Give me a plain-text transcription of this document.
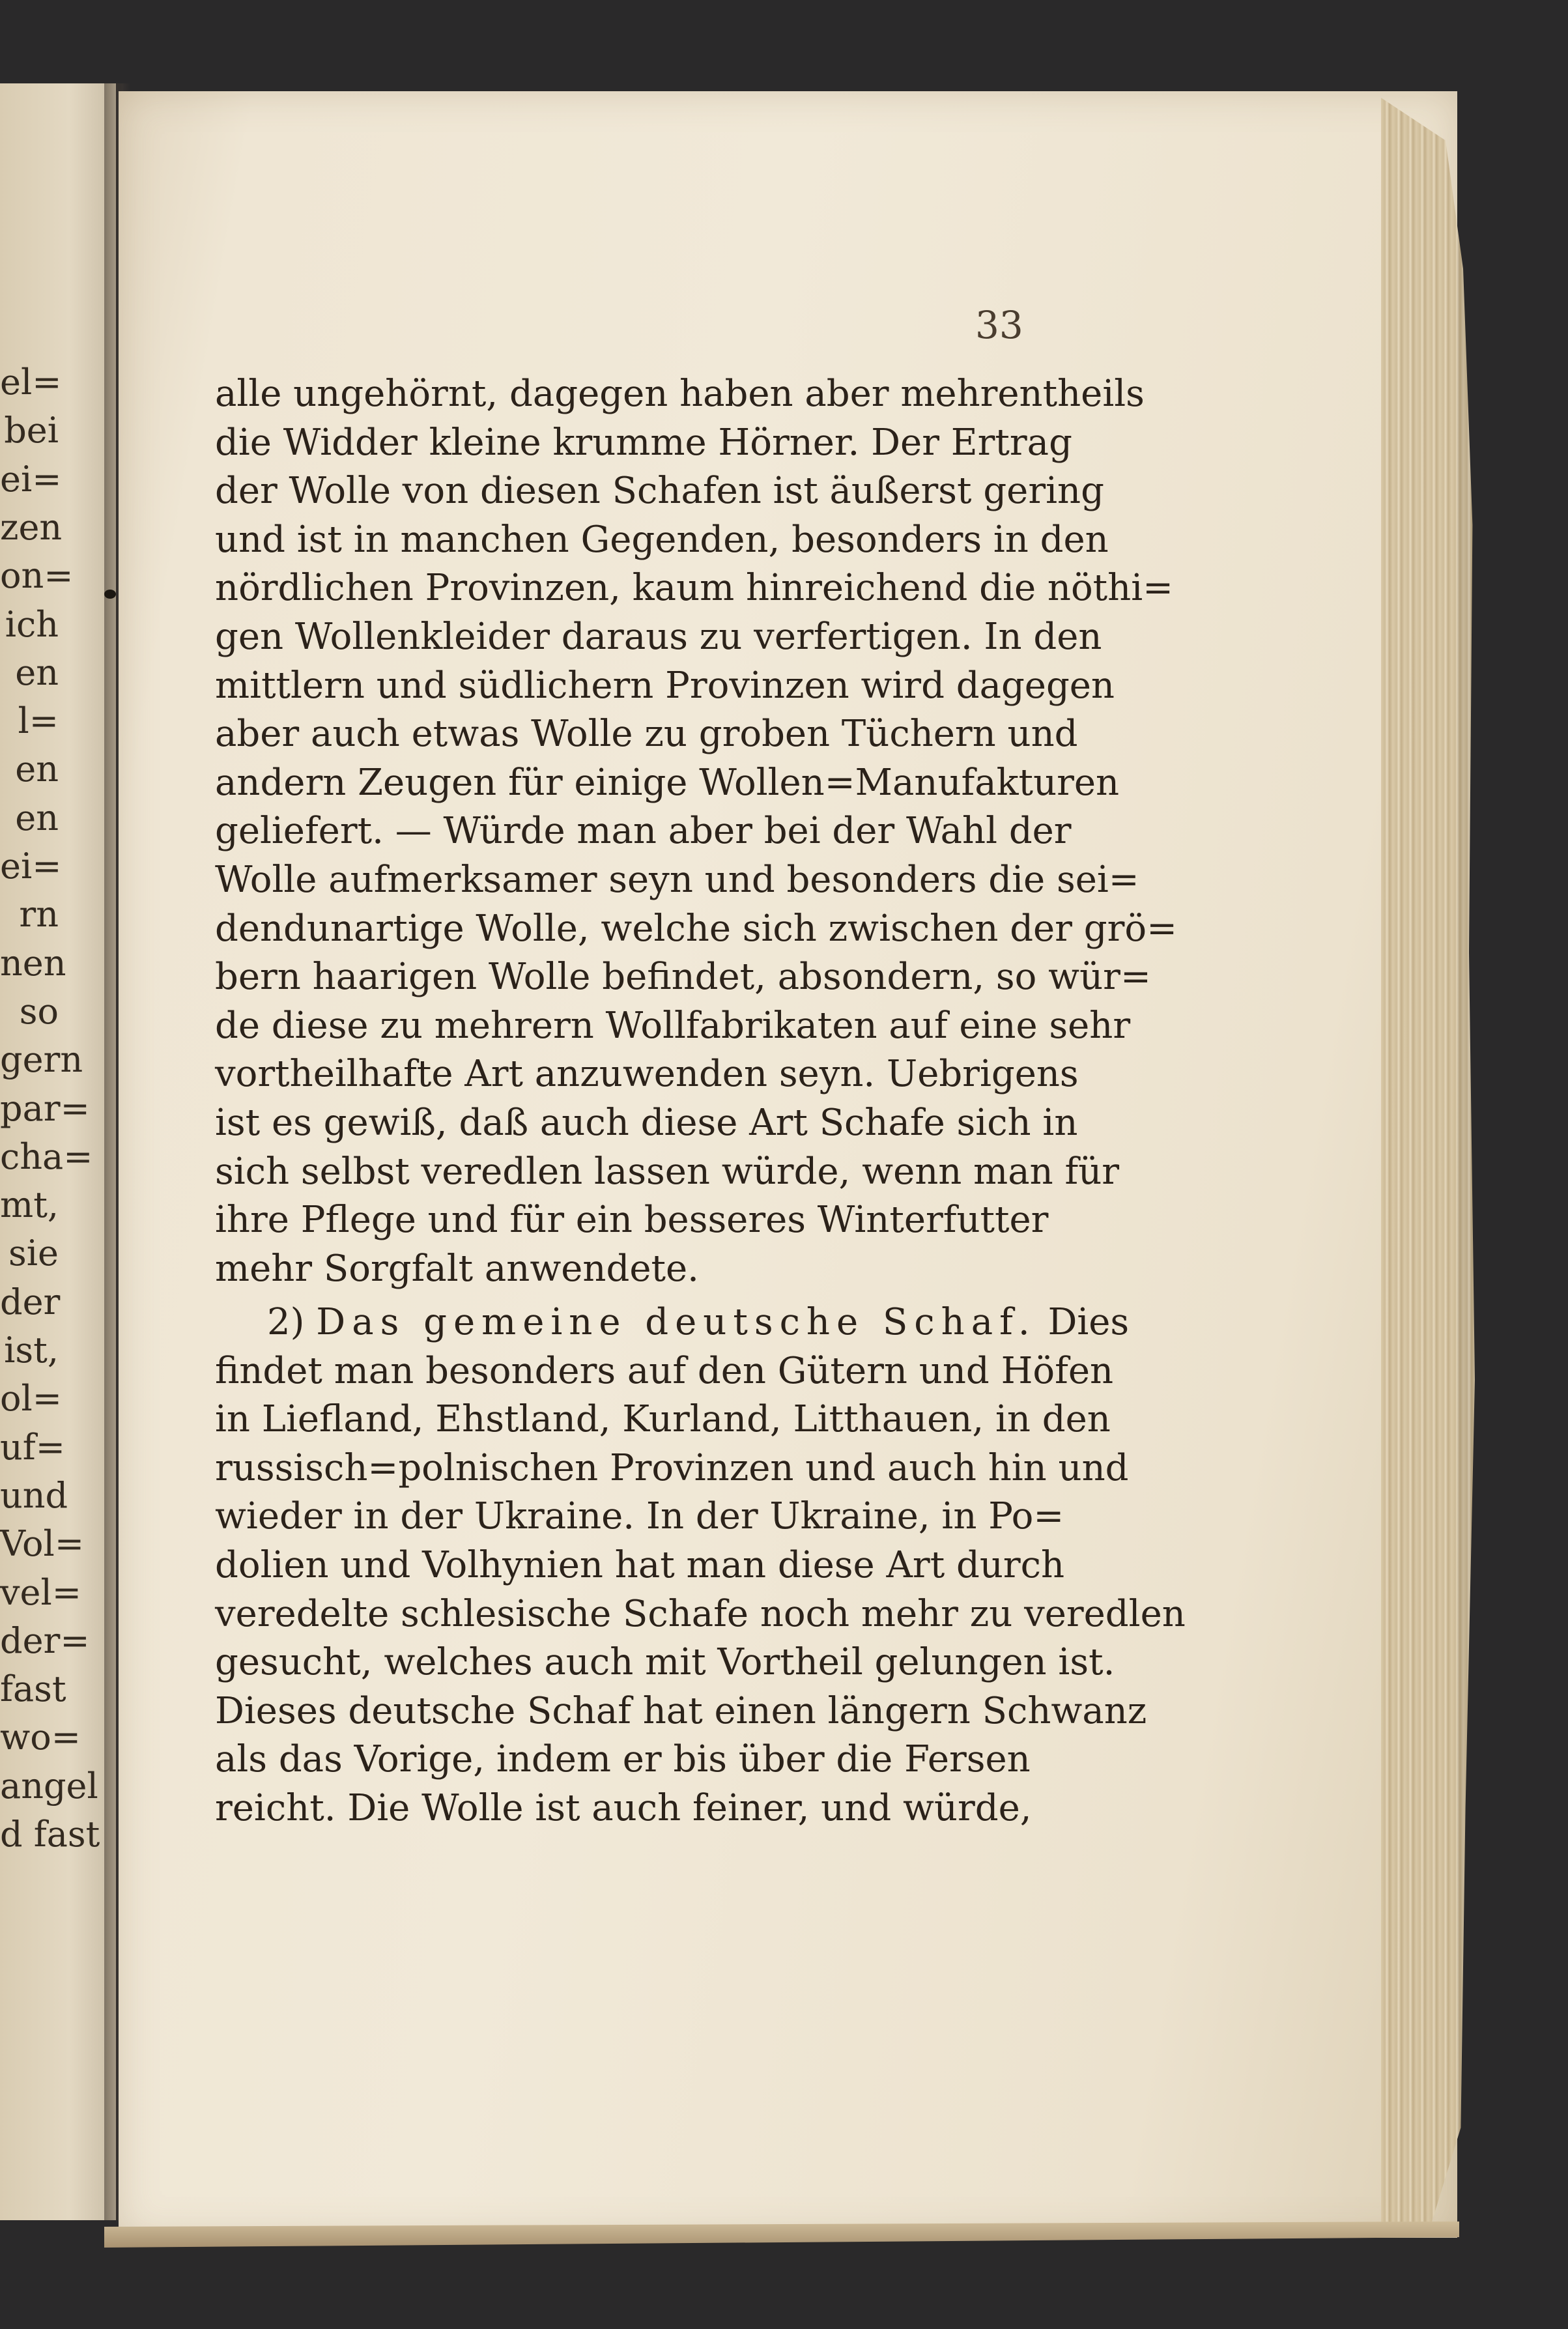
el=
bei
ei=
zen
on=
ich
en
l=
en
en
ei=
rn
nen
so
gern
par=
cha=
mt,
sie
der
ist,
ol=
uf=
und
Vol=
vel=
der=
fast
wo=
angel
d fast
33
alle ungehörnt, dagegen haben aber mehrentheils
die Widder kleine krumme Hörner. Der Ertrag
der Wolle von diesen Schafen ist äußerst gering
und ist in manchen Gegenden, besonders in den
nördlichen Provinzen, kaum hinreichend die nöthi=
gen Wollenkleider daraus zu verfertigen. In den
mittlern und südlichern Provinzen wird dagegen
aber auch etwas Wolle zu groben Tüchern und
andern Zeugen für einige Wollen=Manufakturen
geliefert. — Würde man aber bei der Wahl der
Wolle aufmerksamer seyn und besonders die sei=
dendunartige Wolle, welche sich zwischen der grö=
bern haarigen Wolle befindet, absondern, so wür=
de diese zu mehrern Wollfabrikaten auf eine sehr
vortheilhafte Art anzuwenden seyn. Uebrigens
ist es gewiß, daß auch diese Art Schafe sich in
sich selbst veredlen lassen würde, wenn man für
ihre Pflege und für ein besseres Winterfutter
mehr Sorgfalt anwendete.
2) Das gemeine deutsche Schaf. Dies
findet man besonders auf den Gütern und Höfen
in Liefland, Ehstland, Kurland, Litthauen, in den
russisch=polnischen Provinzen und auch hin und
wieder in der Ukraine. In der Ukraine, in Po=
dolien und Volhynien hat man diese Art durch
veredelte schlesische Schafe noch mehr zu veredlen
gesucht, welches auch mit Vortheil gelungen ist.
Dieses deutsche Schaf hat einen längern Schwanz
als das Vorige, indem er bis über die Fersen
reicht. Die Wolle ist auch feiner, und würde,
